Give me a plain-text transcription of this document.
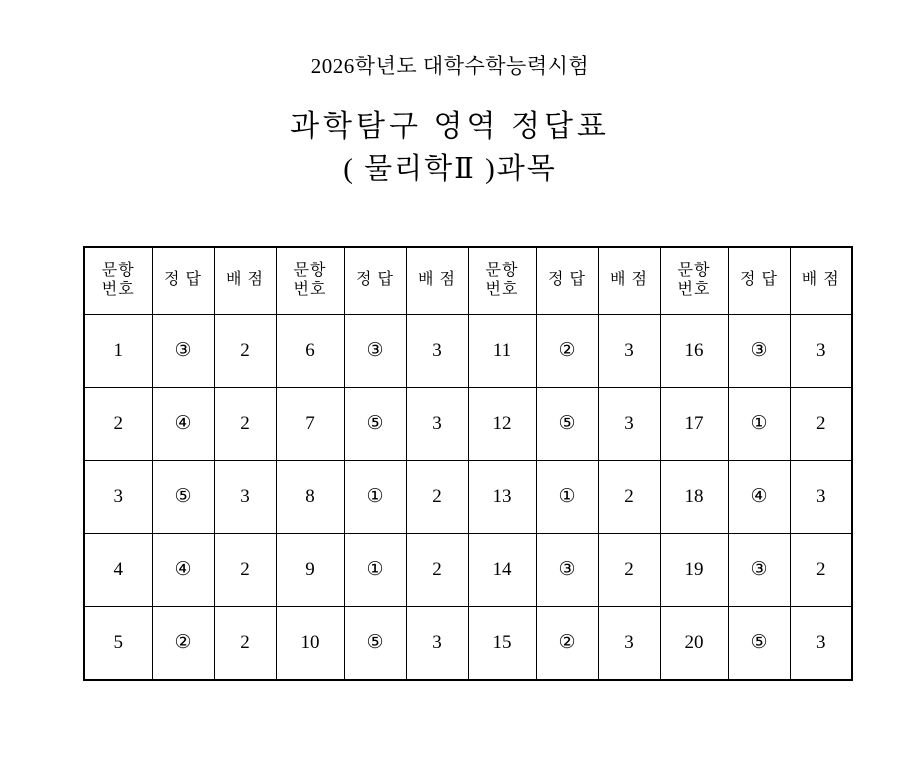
2026학년도 대학수학능력시험
과학탐구 영역 정답표
( 물리학Ⅱ )과목
문항
번호	정 답	배 점	문항
번호	정 답	배 점	문항
번호	정 답	배 점	문항
번호	정 답	배 점
1	③	2	6	③	3	11	②	3	16	③	3
2	④	2	7	⑤	3	12	⑤	3	17	①	2
3	⑤	3	8	①	2	13	①	2	18	④	3
4	④	2	9	①	2	14	③	2	19	③	2
5	②	2	10	⑤	3	15	②	3	20	⑤	3
